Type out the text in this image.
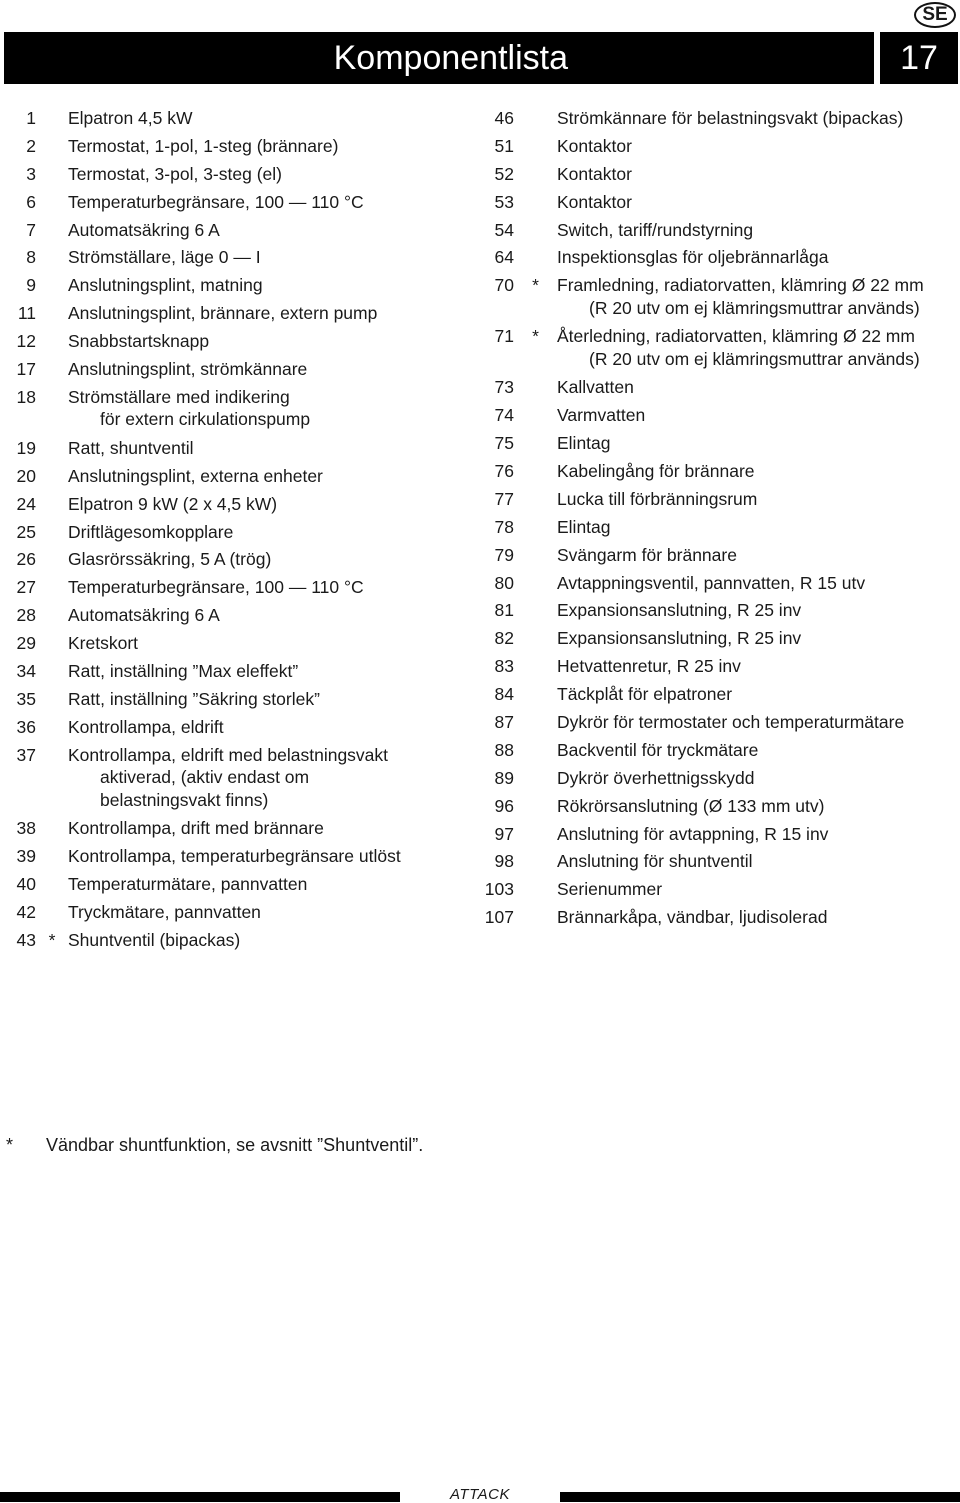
SE
Komponentlista	17
1 Elpatron 4,5 kW
2 Termostat, 1-pol, 1-steg (brännare)
3 Termostat, 3-pol, 3-steg (el)
6 Temperaturbegränsare, 100 — 110 °C
7 Automatsäkring 6 A
8 Strömställare, läge 0 — I
9 Anslutningsplint, matning
11 Anslutningsplint, brännare, extern pump
12 Snabbstartsknapp
17 Anslutningsplint, strömkännare
18 Strömställare med indikering
för extern cirkulationspump
19 Ratt, shuntventil
20 Anslutningsplint, externa enheter
24 Elpatron 9 kW (2 x 4,5 kW)
25 Driftlägesomkopplare
26 Glasrörssäkring, 5 A (trög)
27 Temperaturbegränsare, 100 — 110 °C
28 Automatsäkring 6 A
29 Kretskort
34 Ratt, inställning ”Max eleffekt”
35 Ratt, inställning ”Säkring storlek”
36 Kontrollampa, eldrift
37 Kontrollampa, eldrift med belastningsvakt
aktiverad, (aktiv endast om
belastningsvakt finns)
38 Kontrollampa, drift med brännare
39 Kontrollampa, temperaturbegränsare utlöst
40 Temperaturmätare, pannvatten
42 Tryckmätare, pannvatten
43 * Shuntventil (bipackas)
46 Strömkännare för belastningsvakt (bipackas)
51 Kontaktor
52 Kontaktor
53 Kontaktor
54 Switch, tariff/rundstyrning
64 Inspektionsglas för oljebrännarlåga
70	*	Framledning, radiatorvatten, klämring Ø 22 mm
(R 20 utv om ej klämringsmuttrar används)
71	*	Återledning, radiatorvatten, klämring Ø 22 mm
(R 20 utv om ej klämringsmuttrar används)
73 Kallvatten
74 Varmvatten
75 Elintag
76 Kabelingång för brännare
77 Lucka till förbränningsrum
78 Elintag
79 Svängarm för brännare
80 Avtappningsventil, pannvatten, R 15 utv
81 Expansionsanslutning, R 25 inv
82 Expansionsanslutning, R 25 inv
83 Hetvattenretur, R 25 inv
84 Täckplåt för elpatroner
87 Dykrör för termostater och temperaturmätare
88 Backventil för tryckmätare
89 Dykrör överhettnigsskydd
96 Rökrörsanslutning (Ø 133 mm utv)
97 Anslutning för avtappning, R 15 inv
98 Anslutning för shuntventil
103 Serienummer
107 Brännarkåpa, vändbar, ljudisolerad
*	Vändbar shuntfunktion, se avsnitt ”Shuntventil”.
ATTACK
